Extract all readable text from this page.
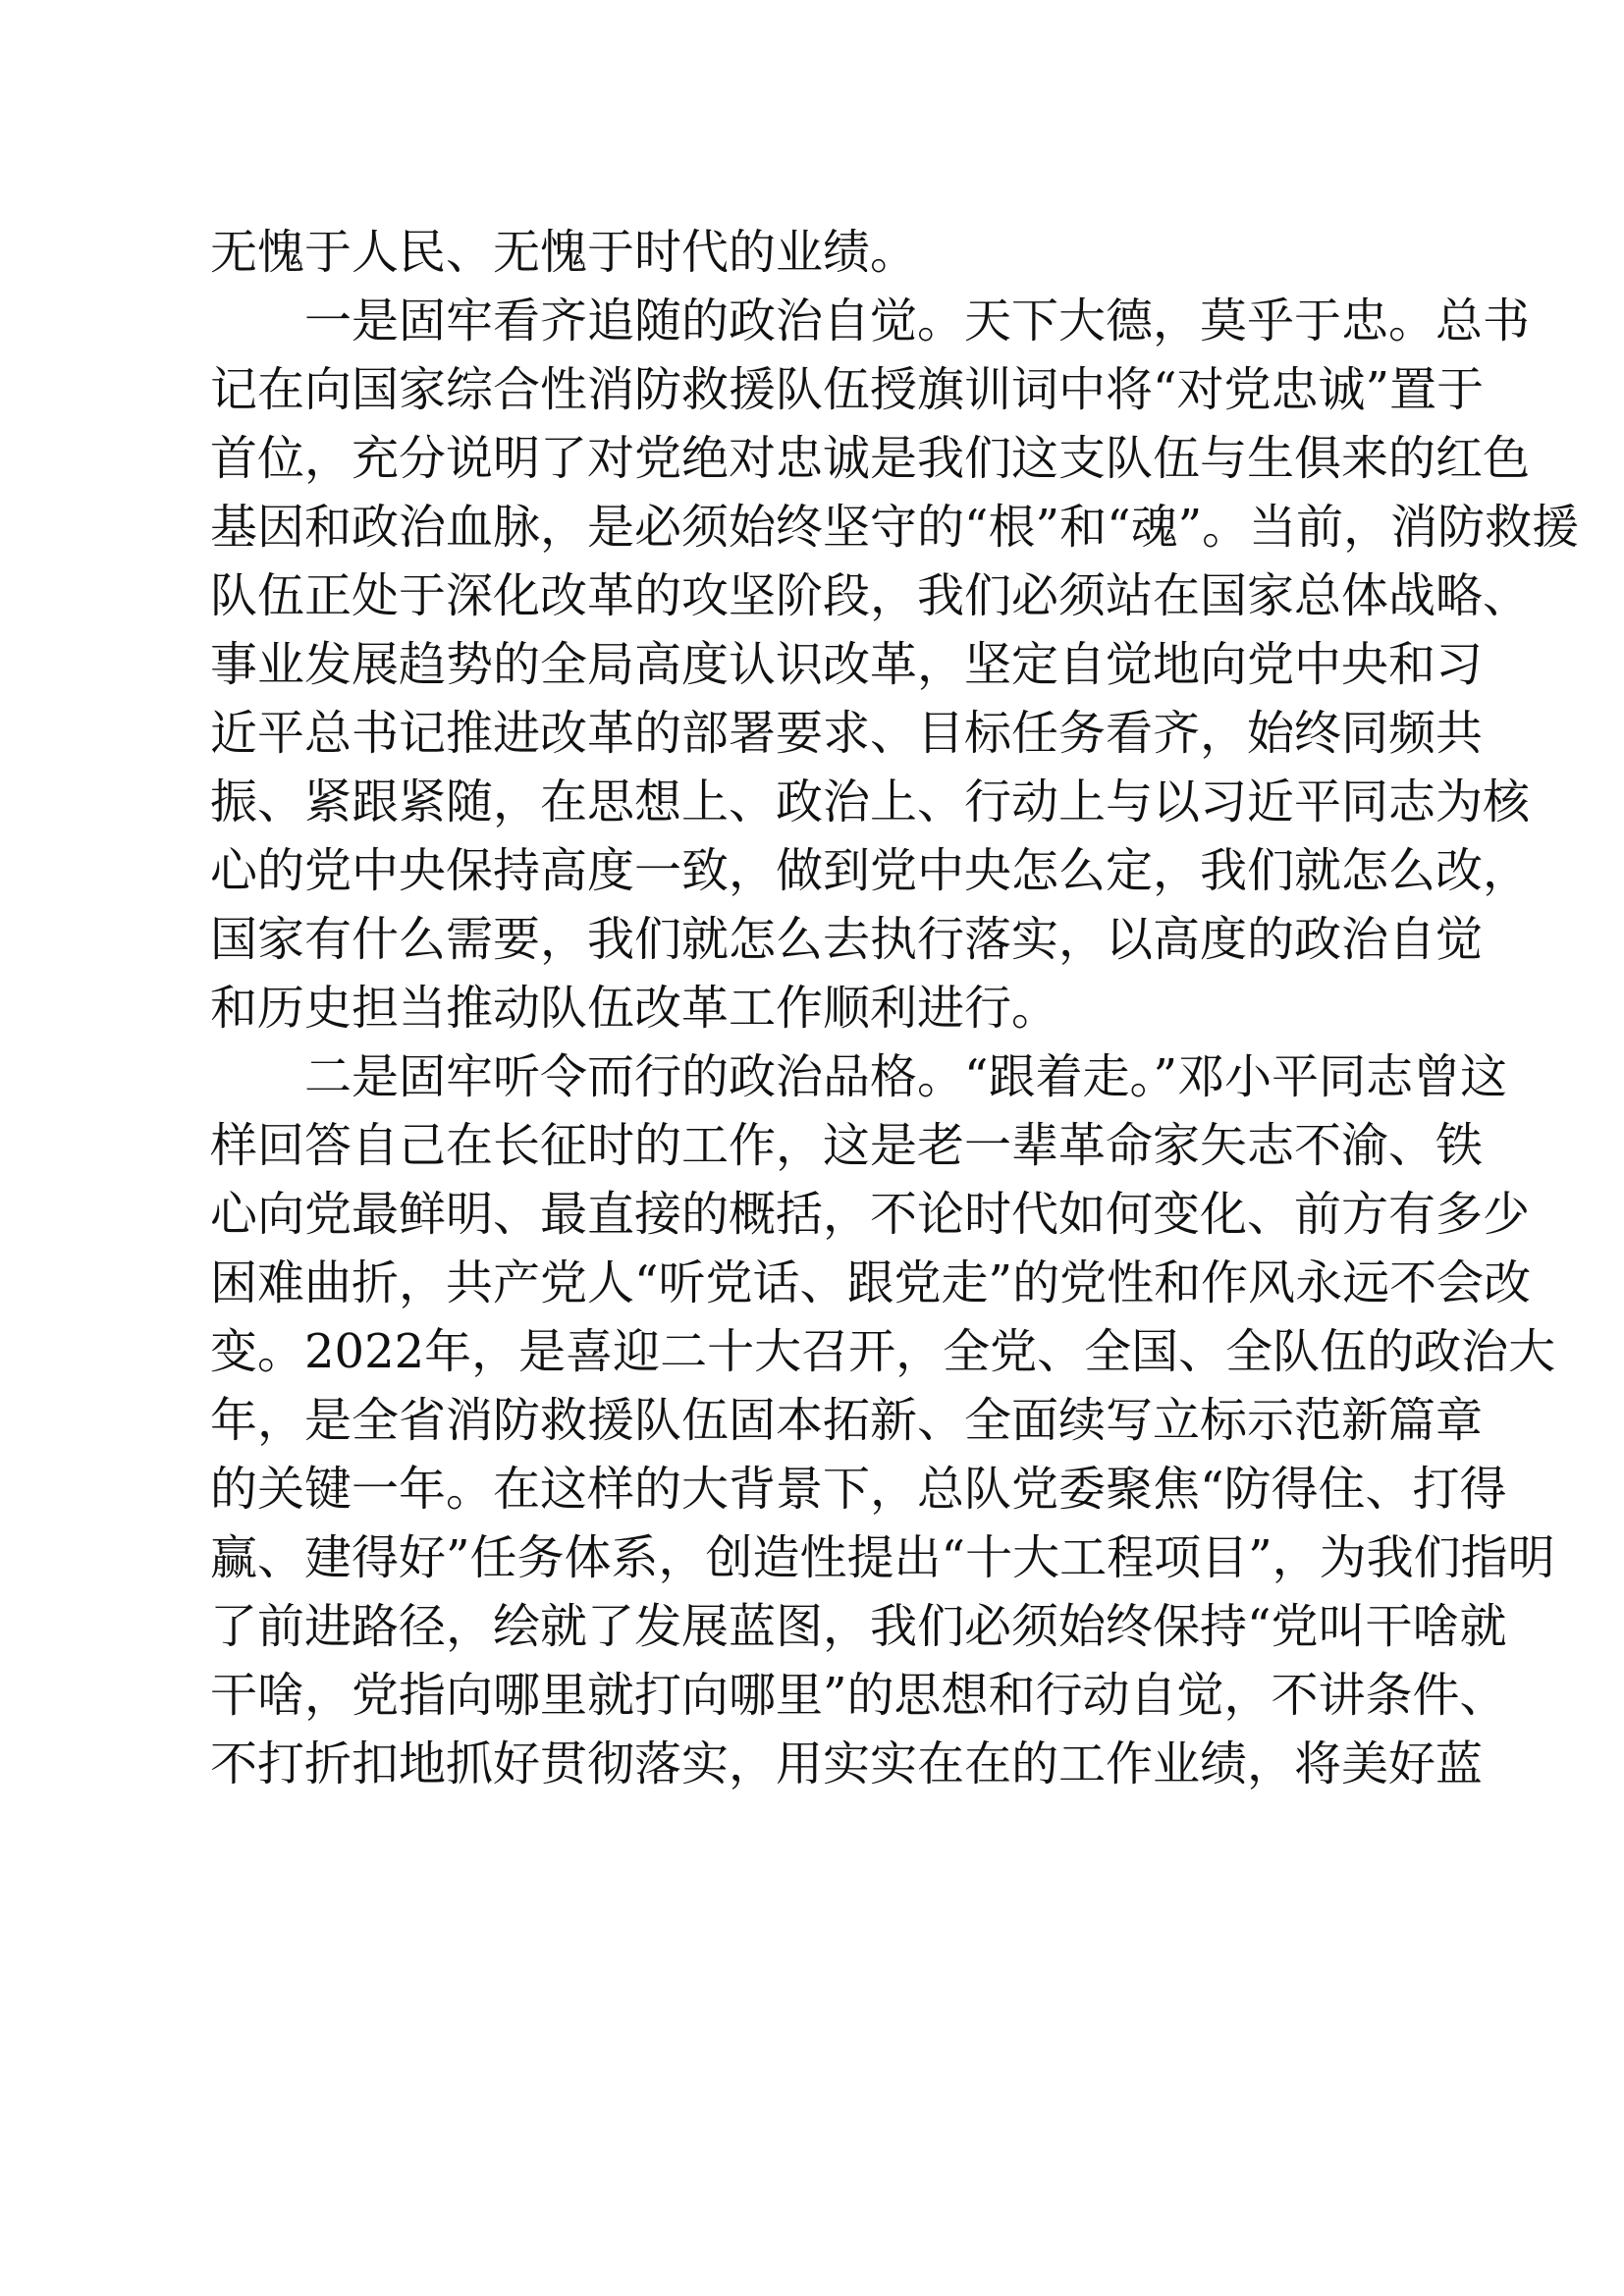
无愧于人民、无愧于时代的业绩。
一是固牢看齐追随的政治自觉。天下大德，莫乎于忠。总书
记在向国家综合性消防救援队伍授旗训词中将“对党忠诚”置于
首位，充分说明了对党绝对忠诚是我们这支队伍与生俱来的红色
基因和政治血脉，是必须始终坚守的“根”和“魂”。当前，消防救援
队伍正处于深化改革的攻坚阶段，我们必须站在国家总体战略、
事业发展趋势的全局高度认识改革，坚定自觉地向党中央和习
近平总书记推进改革的部署要求、目标任务看齐，始终同频共
振、紧跟紧随，在思想上、政治上、行动上与以习近平同志为核
心的党中央保持高度一致，做到党中央怎么定，我们就怎么改，
国家有什么需要，我们就怎么去执行落实，以高度的政治自觉
和历史担当推动队伍改革工作顺利进行。
二是固牢听令而行的政治品格。“跟着走。”邓小平同志曾这
样回答自己在长征时的工作，这是老一辈革命家矢志不渝、铁
心向党最鲜明、最直接的概括，不论时代如何变化、前方有多少
困难曲折，共产党人“听党话、跟党走”的党性和作风永远不会改
变。2022年，是喜迎二十大召开，全党、全国、全队伍的政治大
年，是全省消防救援队伍固本拓新、全面续写立标示范新篇章
的关键一年。在这样的大背景下，总队党委聚焦“防得住、打得
赢、建得好”任务体系，创造性提出“十大工程项目”，为我们指明
了前进路径，绘就了发展蓝图，我们必须始终保持“党叫干啥就
干啥，党指向哪里就打向哪里”的思想和行动自觉，不讲条件、
不打折扣地抓好贯彻落实，用实实在在的工作业绩，将美好蓝
